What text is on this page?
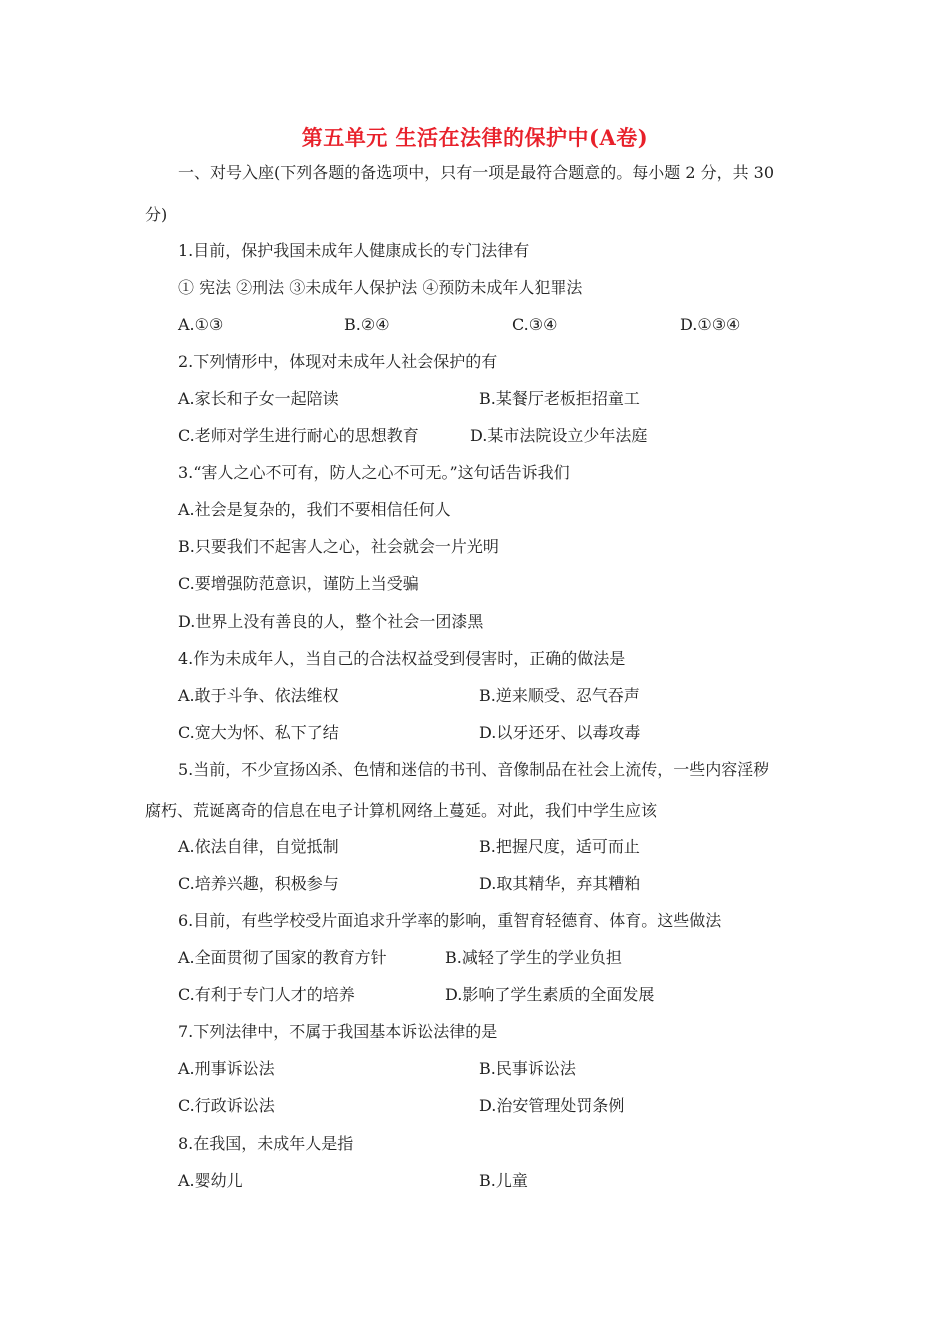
第五单元 生活在法律的保护中(A卷)
一、对号入座(下列各题的备选项中，只有一项是最符合题意的。每小题 2 分，共 30
分)
1.目前，保护我国未成年人健康成长的专门法律有
① 宪法 ②刑法 ③未成年人保护法 ④预防未成年人犯罪法
A.①③	B.②④	C.③④	D.①③④
2.下列情形中，体现对未成年人社会保护的有
A.家长和子女一起陪读	B.某餐厅老板拒招童工
C.老师对学生进行耐心的思想教育	D.某市法院设立少年法庭
3.“害人之心不可有，防人之心不可无。”这句话告诉我们
A.社会是复杂的，我们不要相信任何人
B.只要我们不起害人之心，社会就会一片光明
C.要增强防范意识，谨防上当受骗
D.世界上没有善良的人，整个社会一团漆黑
4.作为未成年人，当自己的合法权益受到侵害时，正确的做法是
A.敢于斗争、依法维权	B.逆来顺受、忍气吞声
C.宽大为怀、私下了结	D.以牙还牙、以毒攻毒
5.当前，不少宣扬凶杀、色情和迷信的书刊、音像制品在社会上流传，一些内容淫秽
腐朽、荒诞离奇的信息在电子计算机网络上蔓延。对此，我们中学生应该
A.依法自律，自觉抵制	B.把握尺度，适可而止
C.培养兴趣，积极参与	D.取其精华，弃其糟粕
6.目前，有些学校受片面追求升学率的影响，重智育轻德育、体育。这些做法
A.全面贯彻了国家的教育方针	B.减轻了学生的学业负担
C.有利于专门人才的培养	D.影响了学生素质的全面发展
7.下列法律中，不属于我国基本诉讼法律的是
A.刑事诉讼法	B.民事诉讼法
C.行政诉讼法	D.治安管理处罚条例
8.在我国，未成年人是指
A.婴幼儿	B.儿童
